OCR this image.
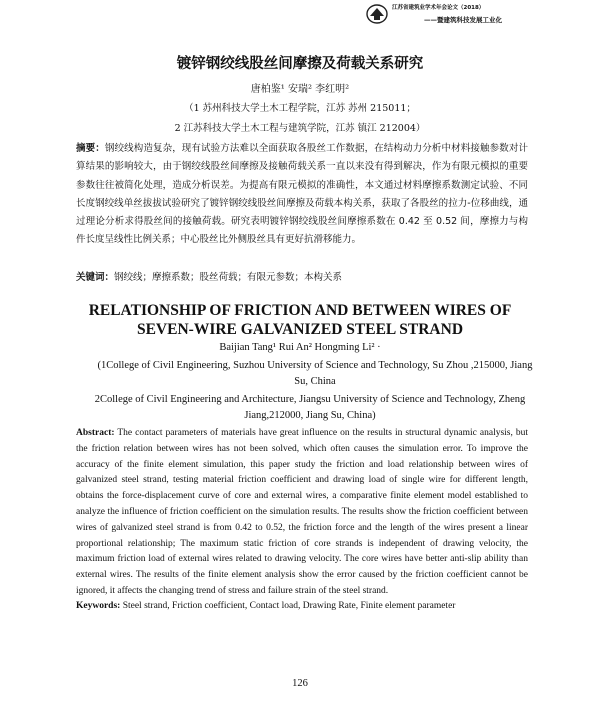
江苏省建筑业学术年会论文（2018）
——暨建筑科技发展工业化
镀锌钢绞线股丝间摩擦及荷载关系研究
唐柏鉴¹ 安瑞² 李红明²
（1 苏州科技大学土木工程学院，江苏 苏州 215011；
2 江苏科技大学土木工程与建筑学院，江苏 镇江 212004）
摘要：钢绞线构造复杂，现有试验方法难以全面获取各股丝工作数据，在结构动力分析中材料接触参数对计算结果的影响较大，由于钢绞线股丝间摩擦及接触荷载关系一直以来没有得到解决，作为有限元模拟的重要参数往往被简化处理，造成分析误差。为提高有限元模拟的准确性，本文通过材料摩擦系数测定试验、不同长度钢绞线单丝拔拔试验研究了镀锌钢绞线股丝间摩擦及荷载本构关系，获取了各股丝的拉力-位移曲线，通过理论分析求得股丝间的接触荷载。研究表明镀锌钢绞线股丝间摩擦系数在 0.42 至 0.52 间，摩擦力与构件长度呈线性比例关系；中心股丝比外侧股丝具有更好抗滑移能力。
关键词：钢绞线；摩擦系数；股丝荷载；有限元参数；本构关系
RELATIONSHIP OF FRICTION AND BETWEEN WIRES OF
SEVEN-WIRE GALVANIZED STEEL STRAND
Baijian Tang¹ Rui An² Hongming Li² ·
(1College of Civil Engineering, Suzhou University of Science and Technology, Su Zhou ,215000, Jiang Su, China
2College of Civil Engineering and Architecture, Jiangsu University of Science and Technology, Zheng Jiang,212000, Jiang Su, China)
Abstract: The contact parameters of materials have great influence on the results in structural dynamic analysis, but the friction relation between wires has not been solved, which often causes the simulation error. To improve the accuracy of the finite element simulation, this paper study the friction and load relationship between wires of galvanized steel strand, testing material friction coefficient and drawing load of single wire for different length, obtains the force-displacement curve of core and external wires, a comparative finite element model established to analyze the influence of friction coefficient on the simulation results. The results show the friction coefficient between wires of galvanized steel strand is from 0.42 to 0.52, the friction force and the length of the wires present a linear proportional relationship; The maximum static friction of core strands is independent of drawing velocity, the maximum friction load of external wires related to drawing velocity. The core wires have better anti-slip ability than external wires. The results of the finite element analysis show the error caused by the friction coefficient cannot be ignored, it affects the changing trend of stress and failure strain of the steel strand.
Keywords: Steel strand, Friction coefficient, Contact load, Drawing Rate, Finite element parameter
126
